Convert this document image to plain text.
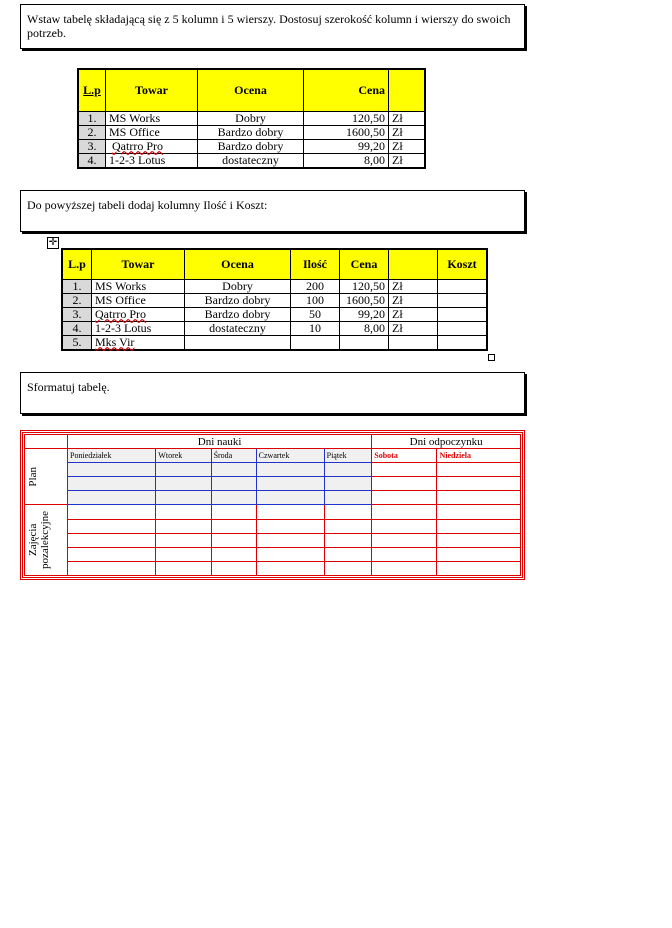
Wstaw tabelę składającą się z 5 kolumn i 5 wierszy. Dostosuj szerokość kolumn i wierszy do swoich potrzeb.
L.p	Towar	Ocena	Cena	
1.	MS Works	Dobry	120,50	Zł
2.	MS Office	Bardzo dobry	1600,50	Zł
3.	Qatrro Pro	Bardzo dobry	99,20	Zł
4.	1-2-3 Lotus	dostateczny	8,00	Zł
Do powyższej tabeli dodaj kolumny Ilość i Koszt:
✛
L.p	Towar	Ocena	Ilość	Cena		Koszt
1.	MS Works	Dobry	200	120,50	Zł	
2.	MS Office	Bardzo dobry	100	1600,50	Zł	
3.	Qatrro Pro	Bardzo dobry	50	99,20	Zł	
4.	1-2-3 Lotus	dostateczny	10	8,00	Zł	
5.	Mks Vir					
Sformatuj tabelę.
	Dni nauki					Dni odpoczynku	

Plan	Poniedziałek	Wtorek	Środa	Czwartek	Piątek	Sobota	Niedziela

Zajęcia pozalekcyjne							
